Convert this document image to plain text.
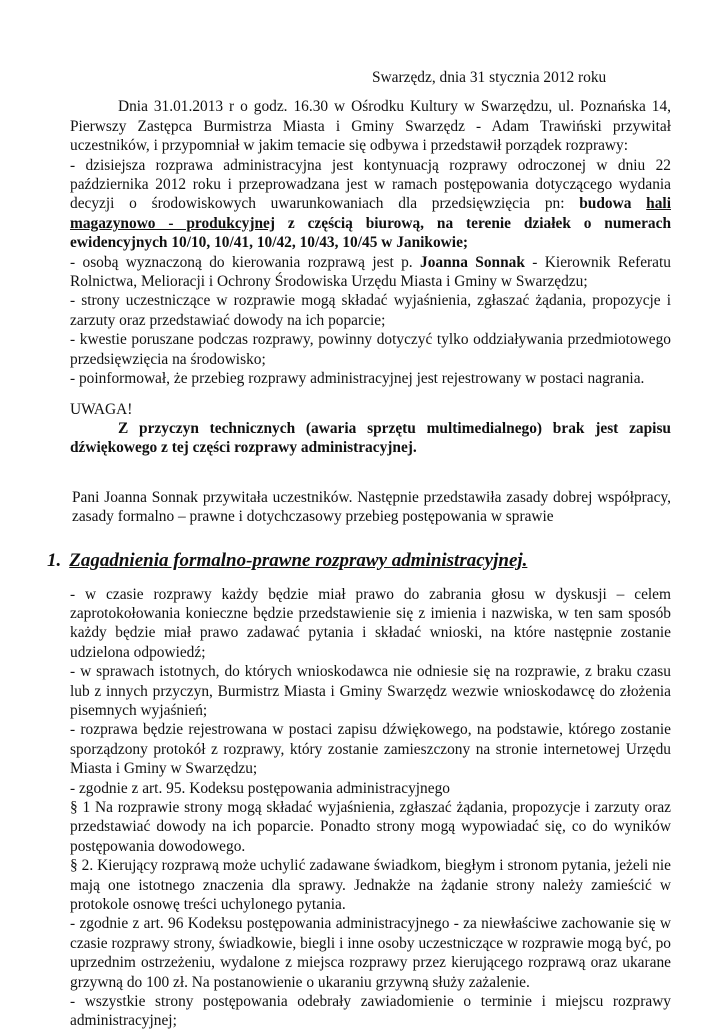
Swarzędz, dnia 31 stycznia 2012 roku

Dnia 31.01.2013 r o godz. 16.30 w Ośrodku Kultury w Swarzędzu, ul. Poznańska 14, Pierwszy Zastępca Burmistrza Miasta i Gminy Swarzędz - Adam Trawiński przywitał uczestników, i przypomniał w jakim temacie się odbywa i przedstawił porządek rozprawy:

- dzisiejsza rozprawa administracyjna jest kontynuacją rozprawy odroczonej w dniu 22 października 2012 roku i przeprowadzana jest w ramach postępowania dotyczącego wydania decyzji o środowiskowych uwarunkowaniach dla przedsięwzięcia pn: budowa hali magazynowo - produkcyjnej z częścią biurową, na terenie działek o numerach ewidencyjnych 10/10, 10/41, 10/42, 10/43, 10/45 w Janikowie;

- osobą wyznaczoną do kierowania rozprawą jest p. Joanna Sonnak - Kierownik Referatu Rolnictwa, Melioracji i Ochrony Środowiska Urzędu Miasta i Gminy w Swarzędzu;

- strony uczestniczące w rozprawie mogą składać wyjaśnienia, zgłaszać żądania, propozycje i zarzuty oraz przedstawiać dowody na ich poparcie;

- kwestie poruszane podczas rozprawy, powinny dotyczyć tylko oddziaływania przedmiotowego przedsięwzięcia na środowisko;

- poinformował, że przebieg rozprawy administracyjnej jest rejestrowany w postaci nagrania.

UWAGA!

Z przyczyn technicznych (awaria sprzętu multimedialnego) brak jest zapisu dźwiękowego z tej części rozprawy administracyjnej.

Pani Joanna Sonnak przywitała uczestników. Następnie przedstawiła zasady dobrej współpracy, zasady formalno – prawne i dotychczasowy przebieg postępowania w sprawie

1. Zagadnienia formalno-prawne rozprawy administracyjnej.

- w czasie rozprawy każdy będzie miał prawo do zabrania głosu w dyskusji – celem zaprotokołowania konieczne będzie przedstawienie się z imienia i nazwiska, w ten sam sposób każdy będzie miał prawo zadawać pytania i składać wnioski, na które następnie zostanie udzielona odpowiedź;

- w sprawach istotnych, do których wnioskodawca nie odniesie się na rozprawie, z braku czasu lub z innych przyczyn, Burmistrz Miasta i Gminy Swarzędz wezwie wnioskodawcę do złożenia pisemnych wyjaśnień;

- rozprawa będzie rejestrowana w postaci zapisu dźwiękowego, na podstawie, którego zostanie sporządzony protokół z rozprawy, który zostanie zamieszczony na stronie internetowej Urzędu Miasta i Gminy w Swarzędzu;

- zgodnie z art. 95. Kodeksu postępowania administracyjnego

§ 1 Na rozprawie strony mogą składać wyjaśnienia, zgłaszać żądania, propozycje i zarzuty oraz przedstawiać dowody na ich poparcie. Ponadto strony mogą wypowiadać się, co do wyników postępowania dowodowego.

§ 2. Kierujący rozprawą może uchylić zadawane świadkom, biegłym i stronom pytania, jeżeli nie mają one istotnego znaczenia dla sprawy. Jednakże na żądanie strony należy zamieścić w protokole osnowę treści uchylonego pytania.

- zgodnie z art. 96 Kodeksu postępowania administracyjnego - za niewłaściwe zachowanie się w czasie rozprawy strony, świadkowie, biegli i inne osoby uczestniczące w rozprawie mogą być, po uprzednim ostrzeżeniu, wydalone z miejsca rozprawy przez kierującego rozprawą oraz ukarane grzywną do 100 zł. Na postanowienie o ukaraniu grzywną służy zażalenie.

- wszystkie strony postępowania odebrały zawiadomienie o terminie i miejscu rozprawy administracyjnej;
